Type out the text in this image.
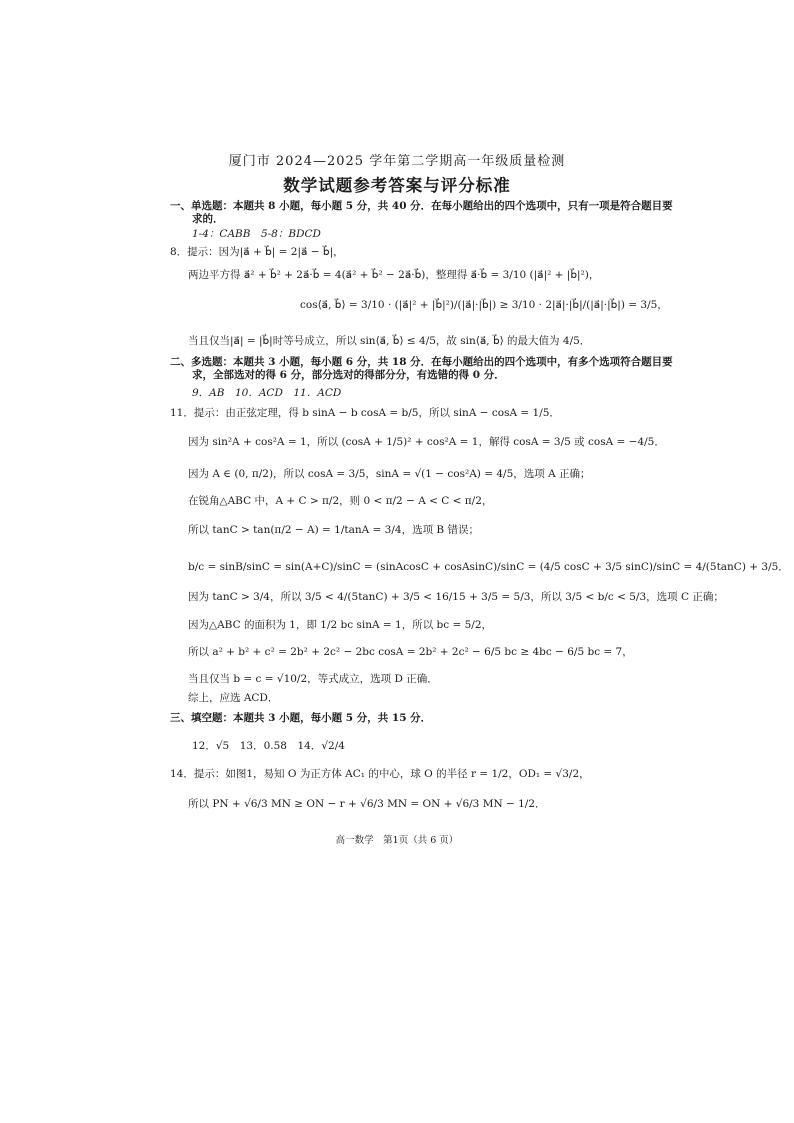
厦门市 2024—2025 学年第二学期高一年级质量检测
数学试题参考答案与评分标准
一、单选题：本题共 8 小题，每小题 5 分，共 40 分．在每小题给出的四个选项中，只有一项是符合题目要
求的．
1-4：CABB　5-8：BDCD
8．提示：因为|a⃗ + b⃗| = 2|a⃗ − b⃗|，
两边平方得 a⃗² + b⃗² + 2a⃗·b⃗ = 4(a⃗² + b⃗² − 2a⃗·b⃗)，整理得 a⃗·b⃗ = 3/10 (|a⃗|² + |b⃗|²)，
cos⟨a⃗, b⃗⟩ = 3/10 · (|a⃗|² + |b⃗|²)/(|a⃗|·|b⃗|) ≥ 3/10 · 2|a⃗|·|b⃗|/(|a⃗|·|b⃗|) = 3/5，
当且仅当|a⃗| = |b⃗|时等号成立，所以 sin⟨a⃗, b⃗⟩ ≤ 4/5，故 sin⟨a⃗, b⃗⟩ 的最大值为 4/5．
二、多选题：本题共 3 小题，每小题 6 分，共 18 分．在每小题给出的四个选项中，有多个选项符合题目要
求，全部选对的得 6 分，部分选对的得部分分，有选错的得 0 分．
9．AB　10．ACD　11．ACD
11．提示：由正弦定理，得 b sinA − b cosA = b/5，所以 sinA − cosA = 1/5．
因为 sin²A + cos²A = 1，所以 (cosA + 1/5)² + cos²A = 1，解得 cosA = 3/5 或 cosA = −4/5．
因为 A ∈ (0, π/2)，所以 cosA = 3/5，sinA = √(1 − cos²A) = 4/5，选项 A 正确；
在锐角△ABC 中，A + C > π/2，则 0 < π/2 − A < C < π/2，
所以 tanC > tan(π/2 − A) = 1/tanA = 3/4，选项 B 错误；
b/c = sinB/sinC = sin(A+C)/sinC = (sinAcosC + cosAsinC)/sinC = (4/5 cosC + 3/5 sinC)/sinC = 4/(5tanC) + 3/5．
因为 tanC > 3/4，所以 3/5 < 4/(5tanC) + 3/5 < 16/15 + 3/5 = 5/3，所以 3/5 < b/c < 5/3，选项 C 正确；
因为△ABC 的面积为 1，即 1/2 bc sinA = 1，所以 bc = 5/2，
所以 a² + b² + c² = 2b² + 2c² − 2bc cosA = 2b² + 2c² − 6/5 bc ≥ 4bc − 6/5 bc = 7，
当且仅当 b = c = √10/2，等式成立，选项 D 正确．
综上，应选 ACD．
三、填空题：本题共 3 小题，每小题 5 分，共 15 分．
12．√5　13．0.58　14．√2/4
14．提示：如图1，易知 O 为正方体 AC₁ 的中心，球 O 的半径 r = 1/2，OD₁ = √3/2，
所以 PN + √6/3 MN ≥ ON − r + √6/3 MN = ON + √6/3 MN − 1/2．
高一数学　第1页（共 6 页）
